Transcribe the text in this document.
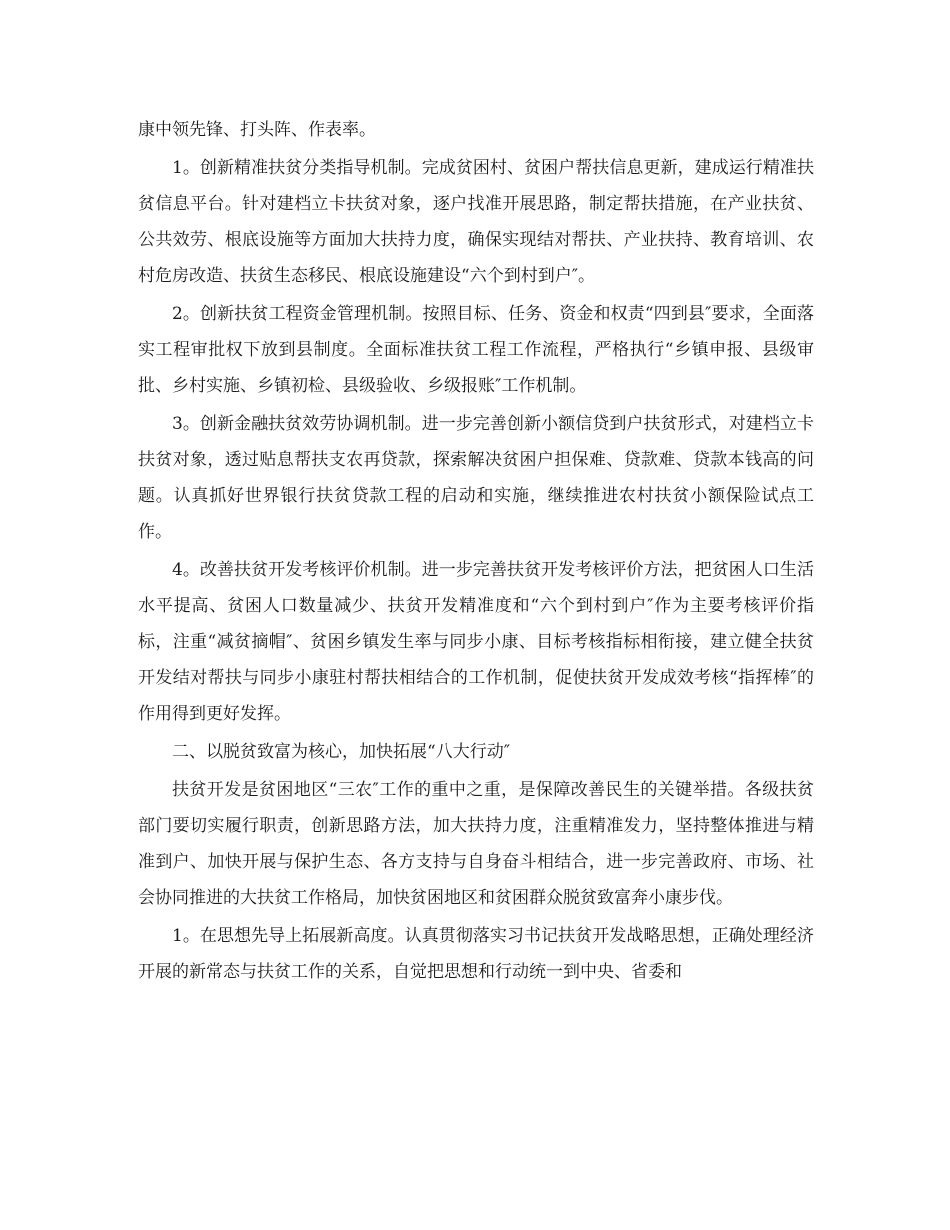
康中领先锋、打头阵、作表率。

1。创新精准扶贫分类指导机制。完成贫困村、贫困户帮扶信息更新，建成运行精准扶贫信息平台。针对建档立卡扶贫对象，逐户找准开展思路，制定帮扶措施，在产业扶贫、公共效劳、根底设施等方面加大扶持力度，确保实现结对帮扶、产业扶持、教育培训、农村危房改造、扶贫生态移民、根底设施建设“六个到村到户″。

2。创新扶贫工程资金管理机制。按照目标、任务、资金和权责“四到县″要求，全面落实工程审批权下放到县制度。全面标准扶贫工程工作流程，严格执行“乡镇申报、县级审批、乡村实施、乡镇初检、县级验收、乡级报账″工作机制。

3。创新金融扶贫效劳协调机制。进一步完善创新小额信贷到户扶贫形式，对建档立卡扶贫对象，透过贴息帮扶支农再贷款，探索解决贫困户担保难、贷款难、贷款本钱高的问题。认真抓好世界银行扶贫贷款工程的启动和实施，继续推进农村扶贫小额保险试点工作。

4。改善扶贫开发考核评价机制。进一步完善扶贫开发考核评价方法，把贫困人口生活水平提高、贫困人口数量减少、扶贫开发精准度和“六个到村到户″作为主要考核评价指标，注重“减贫摘帽″、贫困乡镇发生率与同步小康、目标考核指标相衔接，建立健全扶贫开发结对帮扶与同步小康驻村帮扶相结合的工作机制，促使扶贫开发成效考核“指挥棒″的作用得到更好发挥。

二、以脱贫致富为核心，加快拓展“八大行动″

扶贫开发是贫困地区“三农″工作的重中之重，是保障改善民生的关键举措。各级扶贫部门要切实履行职责，创新思路方法，加大扶持力度，注重精准发力，坚持整体推进与精准到户、加快开展与保护生态、各方支持与自身奋斗相结合，进一步完善政府、市场、社会协同推进的大扶贫工作格局，加快贫困地区和贫困群众脱贫致富奔小康步伐。

1。在思想先导上拓展新高度。认真贯彻落实习书记扶贫开发战略思想，正确处理经济开展的新常态与扶贫工作的关系，自觉把思想和行动统一到中央、省委和
